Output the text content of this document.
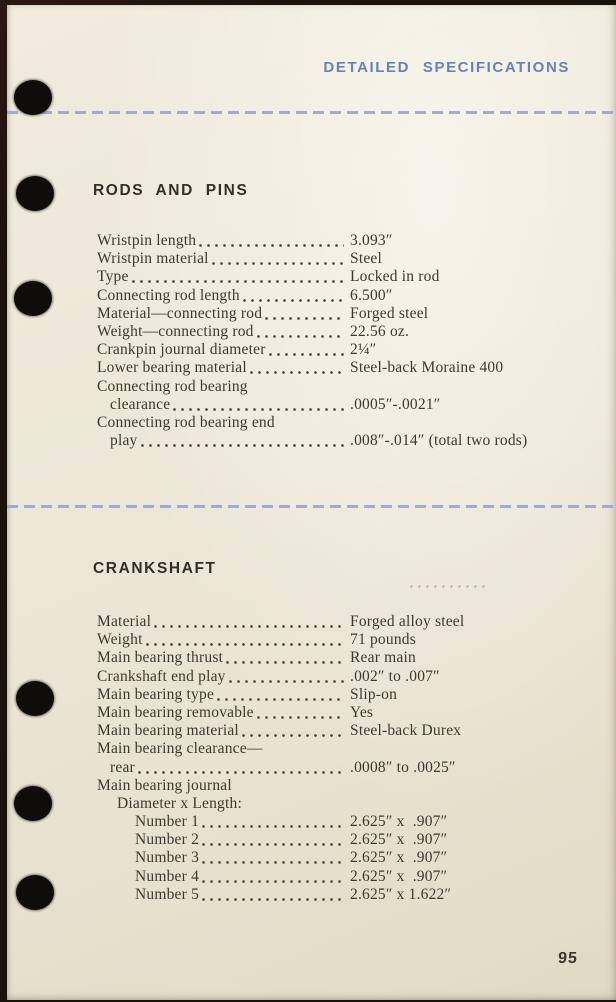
DETAILED SPECIFICATIONS
RODS AND PINS
Wristpin length	3.093″
Wristpin material	Steel
Type	Locked in rod
Connecting rod length	6.500″
Material—connecting rod	Forged steel
Weight—connecting rod	22.56 oz.
Crankpin journal diameter	2¼″
Lower bearing material	Steel-back Moraine 400
Connecting rod bearing
clearance	.0005″-.0021″
Connecting rod bearing end
play	.008″-.014″ (total two rods)
CRANKSHAFT
Material	Forged alloy steel
Weight	71 pounds
Main bearing thrust	Rear main
Crankshaft end play	.002″ to .007″
Main bearing type	Slip-on
Main bearing removable	Yes
Main bearing material	Steel-back Durex
Main bearing clearance—
rear	.0008″ to .0025″
Main bearing journal
Diameter x Length:
Number 1	2.625″ x  .907″
Number 2	2.625″ x  .907″
Number 3	2.625″ x  .907″
Number 4	2.625″ x  .907″
Number 5	2.625″ x 1.622″
95
